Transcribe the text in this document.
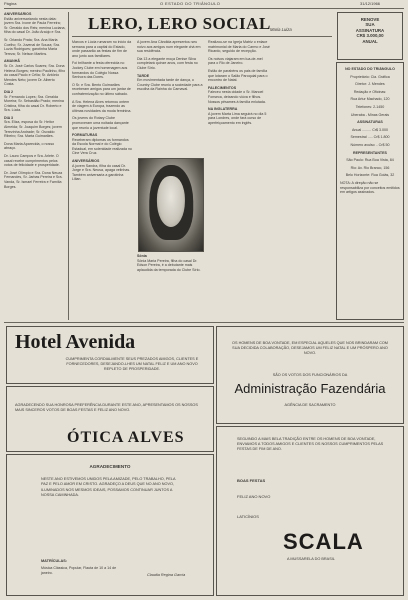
Página	O ESTADO DO TRIÂNGULO	31/12/1966

ANIVERSÁRIOS
Estão aniversariando nesta data: jovem Sra. Ivone de Paula Ferreira; Sr. Geraldo dos Reis; menina Luciana, filha do casal Dr. João Araújo e Sra.

Sr. Orlando Prata; Sra. Ana Maria Coelho; Sr. Juvenal de Souza; Sra. Luzia Rodrigues; garotinha Maria Tereza; Sr. Nelson Martins.

AMANHÃ
Sr. Dr. José Carlos Soares; Sra. Dona Helena Borges; menino Paulinho, filho do casal Paulo e Célia; Sr. Antônio Mendes Neto; jovem Dr. Alberto Costa.

DIA 2
Sr. Fernando Lopes; Sra. Geralda Moreira; Sr. Sebastião Prado; menina Cristina, filha do casal Dr. Roberto e Sra. Lúcia.

DIA 3
Sra. Eliza, esposa do Sr. Heitor Almeida; Sr. Joaquim Borges; jovem Terezinha Andrade; Sr. Osvaldo Ribeiro; Sra. Marta Guimarães.

Dona Maria Aparecida, o nosso abraço.

Dr. Lauro Campos e Sra. Arlete. O casal recebe cumprimentos pelos votos de felicidade e prosperidade.

Dr. José Olímpio e Sra. Dona Neuza Fernandes, Sr. Jarbas Pereira e Sra. Vanda, Sr. Ismael Ferreira e Família Borges.

LERO, LERO SOCIAL Maria Luiza
RENOVE
SUA
ASSINATURA
CR$ 3.000,00
ANUAL

Marcos e Lúcia rumaram no início da semana para a capital do Estado, onde passarão as festas de fim de ano junto aos familiares.

Foi brilhante a festa oferecida no Jockey Clube em homenagem aos formandos do Colégio Nossa Senhora das Dores.

O Sr. e Sra. Bento Guimarães receberam amigos para um jantar de confraternização no último sábado.

A Sra. Helena Alves retornou ontem de viagem à Europa, trazendo as últimas novidades da moda feminina.

Os jovens do Rotary Clube promoveram uma noitada dançante que reuniu a juventude local.

FORMATURAS
Receberam diplomas os formandos da Escola Normal e do Colégio Estadual, em solenidade realizada no Cine Vera Cruz.

ANIVERSÁRIOS
A jovem Sandra, filha do casal Dr. Jorge e Sra. Neusa, apaga velinhas. Também aniversaria a garotinha Lilian.

A jovem Ana Cândida apresentou seu noivo aos amigos num elegante chá em sua residência.

Dia 13 a elegante moça Denise Silva completará quinze anos, com festa no Clube Sírio.

TARDE
Em movimentada tarde de dança, o Country Clube reuniu a sociedade para a escolha da Rainha do Carnaval.

Sônia
Sônia Maria Pereira, filha do casal Dr. Edson Pereira, é a debutante mais aplaudida da temporada do Clube Sírio.

Realizou-se na Igreja Matriz o enlace matrimonial de Maria do Carmo e José Ricardo, seguido de recepção.

Os noivos viajaram em lua-de-mel para o Rio de Janeiro.

Estão de parabéns os pais de família que lotaram o Salão Paroquial para o encontro de Natal.

FALECIMENTOS
Faleceu nesta cidade o Sr. Manoel Fonseca, deixando viúva e filhos. Nossos pêsames à família enlutada.

NA INGLATERRA
A jovem Marta Lima seguirá no dia 5 para Londres, onde fará curso de aperfeiçoamento em inglês.

NO ESTADO DO TRIÂNGULO

Proprietário: Cia. Gráfica

Diretor: J. Mendes

Redação e Oficinas:

Rua Artur Machado, 120

Telefones: 2-1450

Uberaba - Minas Gerais

ASSINATURAS

Anual ......... Cr$ 3.000

Semestral ..... Cr$ 1.800

Número avulso .. Cr$ 50

REPRESENTANTES

São Paulo: Rua Boa Vista, 84

Rio: Av. Rio Branco, 156

Belo Horizonte: Rua Goiás, 32

NOTA: A direção não se responsabiliza por conceitos emitidos em artigos assinados.

Hotel Avenida
CUMPRIMENTA CORDIALMENTE SEUS PREZADOS AMIGOS, CLIENTES E FORNECEDORES, DESEJANDO-LHES UM NATAL FELIZ E UM ANO NOVO REPLETO DE PROSPERIDADE.
AGRADECENDO SUA HONROSA PREFERÊNCIA DURANTE ESTE ANO, APRESENTAMOS OS NOSSOS MAIS SINCEROS VOTOS DE BOAS FESTAS E FELIZ ANO NOVO.
ÓTICA ALVES
AGRADECIMENTO
NESTE ANO ESTIVEMOS UNIDOS PELA AMIZADE, PELO TRABALHO, PELA PAZ E PELO AMOR EM CRISTO. AGRADEÇO A DEUS QUE NO ANO NOVO, ILUMINADOS NOS MESMOS IDEAIS, POSSAMOS CONTINUAR JUNTOS A NOSSA CAMINHADA.
MATRÍCULAS:
Música Clássica, Popular, Flauta de 10 a 14 de janeiro.
Claudia Regina Garcia
OS HOMENS DE BOA VONTADE, EM ESPECIAL AQUELES QUE NOS BRINDARAM COM SUA DECIDIDA COLABORAÇÃO, DESEJAMOS UM FELIZ NATAL E UM PRÓSPERO ANO NOVO.
SÃO OS VOTOS DOS FUNCIONÁRIOS DA
Administração Fazendária
AGÊNCIA DE SACRAMENTO
SEGUINDO A MAIS BELA TRADIÇÃO ENTRE OS HOMENS DE BOA VONTADE, ENVIAMOS A TODOS AMIGOS E CLIENTES OS NOSSOS CUMPRIMENTOS PELAS FESTAS DE FIM DE ANO.
BOAS FESTAS
FELIZ ANO NOVO
LATICÍNIOS
SCALA
A MUSSARELA DO BRASIL
